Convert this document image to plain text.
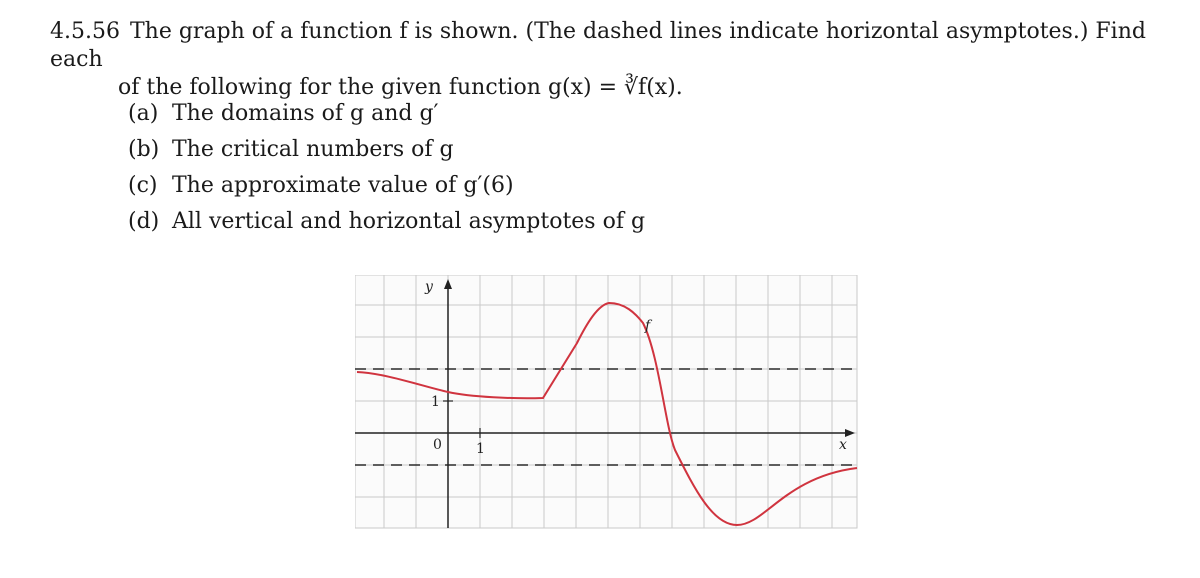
4.5.56 The graph of a function f is shown. (The dashed lines indicate horizontal asymptotes.) Find each
of the following for the given function g(x) = ∛f(x).
(a) The domains of g and g′
(b) The critical numbers of g
(c) The approximate value of g′(6)
(d) All vertical and horizontal asymptotes of g
y
x
0 1
1
f
